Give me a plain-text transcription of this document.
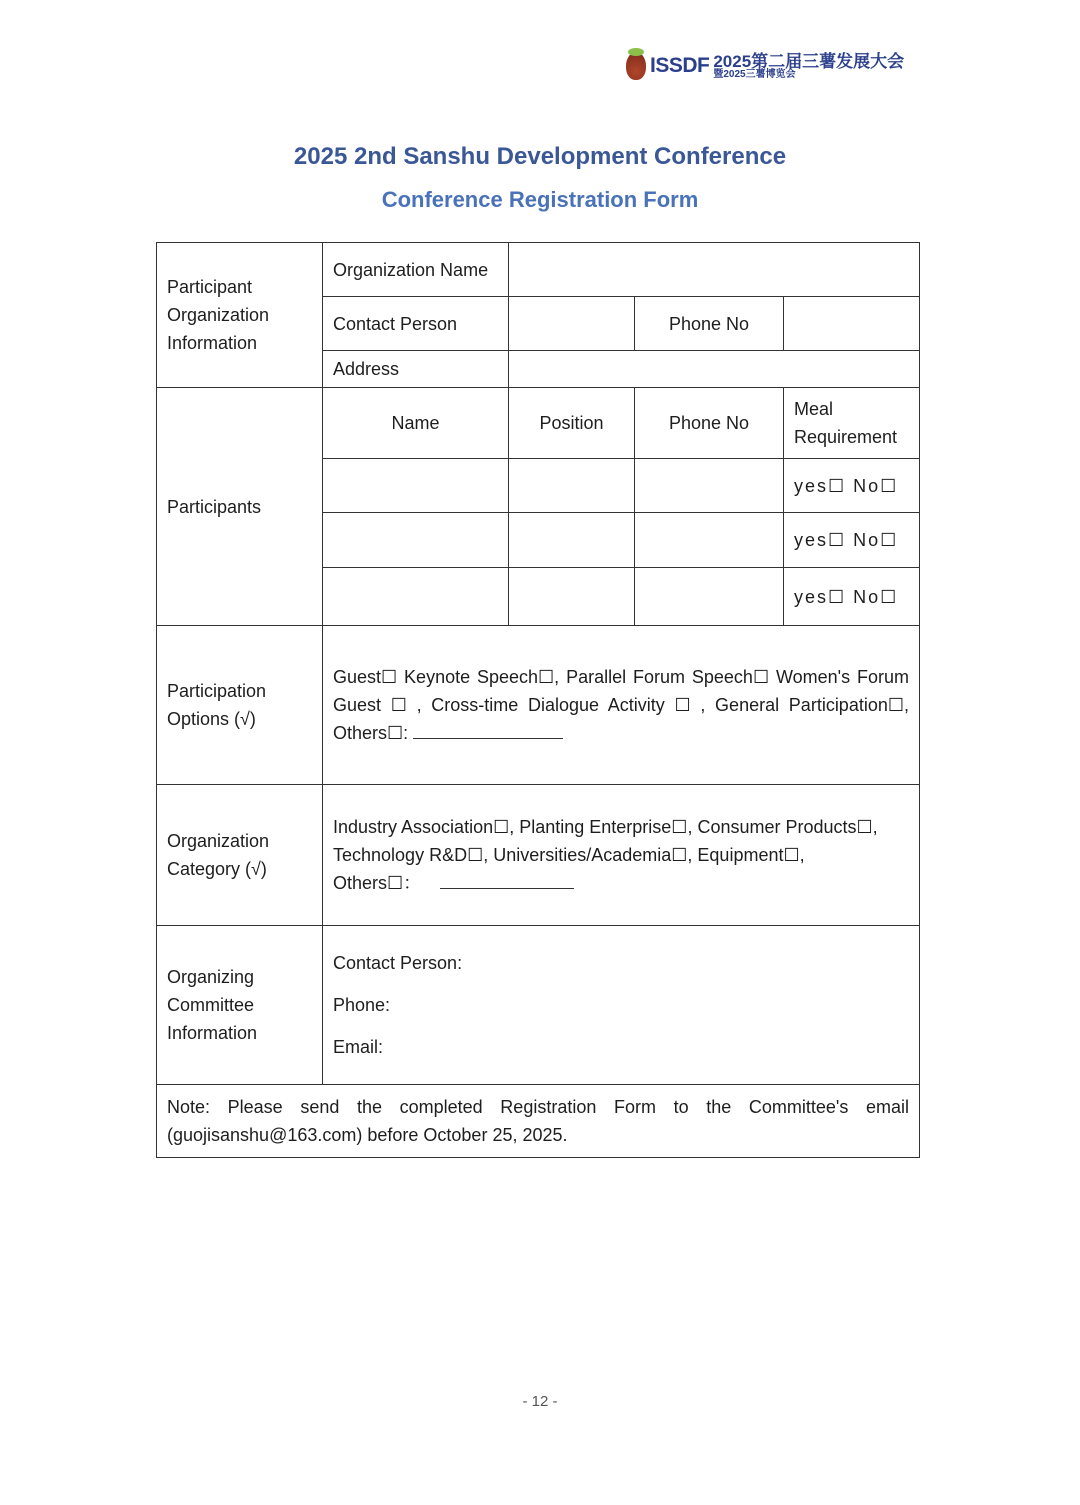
ISSDF 2025第二届三薯发展大会
暨2025三薯博览会
2025 2nd Sanshu Development Conference
Conference Registration Form
Participant Organization Information	Organization Name			
	Contact Person		Phone No	
	Address			
Participants	Name	Position	Phone No	Meal Requirement
				yes☐ No☐
				yes☐ No☐
				yes☐ No☐
Participation Options (√)	Guest☐ Keynote Speech☐, Parallel Forum Speech☐ Women's Forum Guest ☐ , Cross-time Dialogue Activity ☐ , General Participation☐, Others☐:			
Organization Category (√)	Industry Association☐, Planting Enterprise☐, Consumer Products☐,
Technology R&D☐, Universities/Academia☐, Equipment☐,
Others☐：			

Organizing Committee Information	Contact Person:
Phone:
Email:			

Note: Please send the completed Registration Form to the Committee's email (guojisanshu@163.com) before October 25, 2025.				
- 12 -
